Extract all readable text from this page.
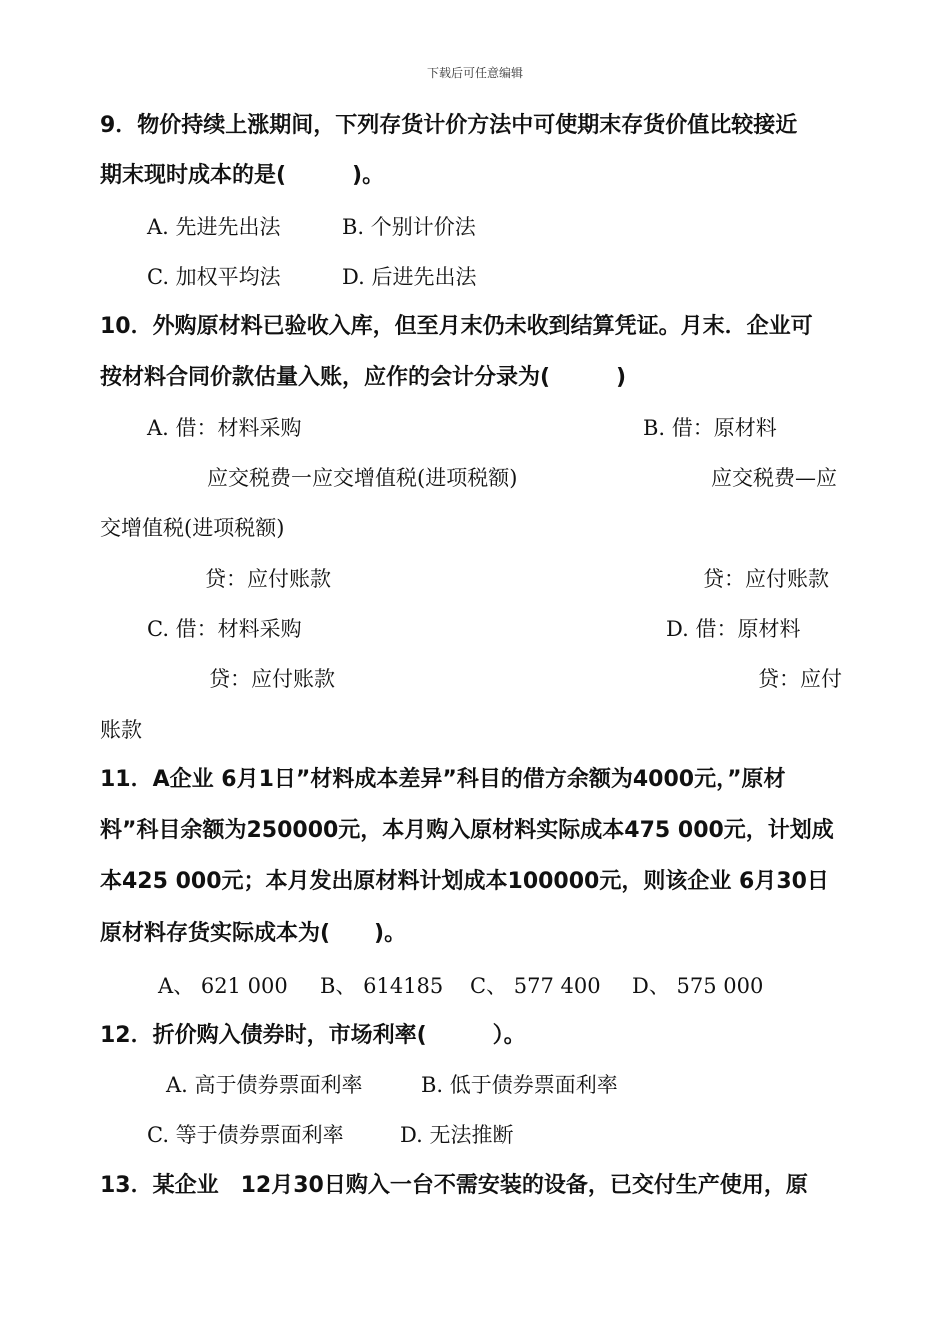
下载后可任意编辑
9．物价持续上涨期间，下列存货计价方法中可使期末存货价值比较接近
期末现时成本的是(　　　)。
A. 先进先出法	B. 个别计价法
C. 加权平均法	D. 后进先出法
10．外购原材料已验收入库，但至月末仍未收到结算凭证。月末．企业可
按材料合同价款估量入账，应作的会计分录为(　　　)
A. 借：材料采购	B. 借：原材料
应交税费一应交增值税(进项税额)	应交税费—应
交增值税(进项税额)
贷：应付账款	贷：应付账款
C. 借：材料采购	D. 借：原材料
贷：应付账款	贷：应付
账款
11．A企业 6月1日”材料成本差异”科目的借方余额为4000元，”原材
料”科目余额为250000元，本月购入原材料实际成本475 000元，计划成
本425 000元；本月发出原材料计划成本100000元，则该企业 6月30日
原材料存货实际成本为(　　)。
A、 621 000 B、 614185 C、 577 400 D、 575 000
12．折价购入债券时，市场利率(　　　）。
A. 高于债券票面利率	B. 低于债券票面利率
C. 等于债券票面利率	D. 无法推断
13．某企业　12月30日购入一台不需安装的设备，已交付生产使用，原
